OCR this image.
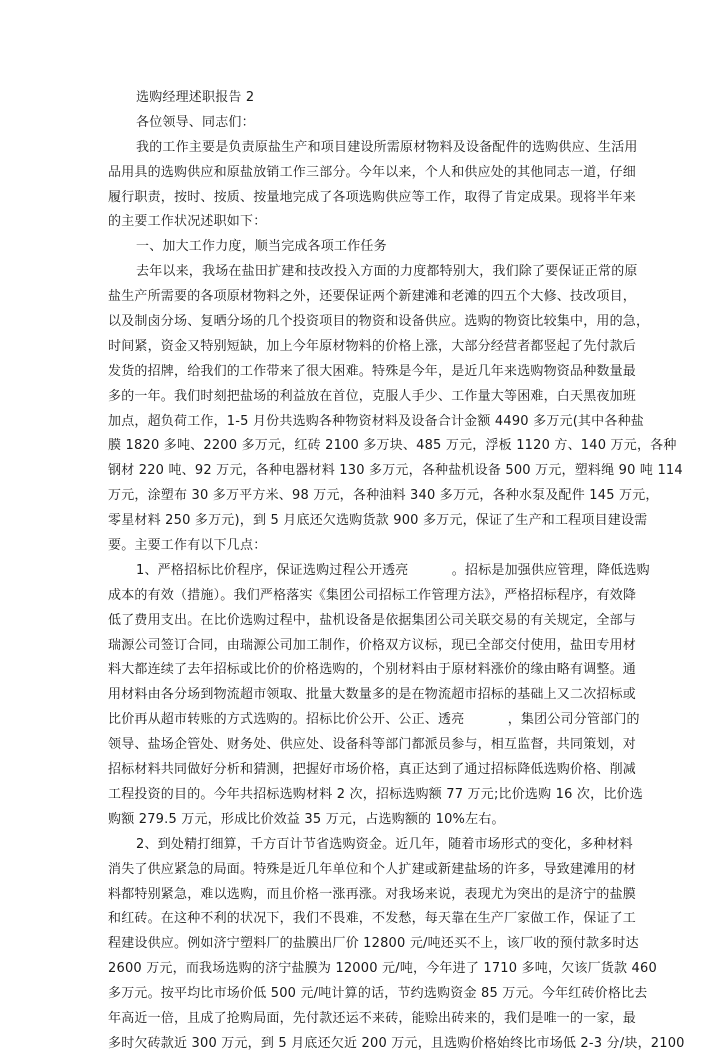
选购经理述职报告 2
各位领导、同志们：
我的工作主要是负责原盐生产和项目建设所需原材物料及设备配件的选购供应、生活用
品用具的选购供应和原盐放销工作三部分。今年以来，个人和供应处的其他同志一道，仔细
履行职责，按时、按质、按量地完成了各项选购供应等工作，取得了肯定成果。现将半年来
的主要工作状况述职如下：
一、加大工作力度，顺当完成各项工作任务
去年以来，我场在盐田扩建和技改投入方面的力度都特别大，我们除了要保证正常的原
盐生产所需要的各项原材物料之外，还要保证两个新建滩和老滩的四五个大修、技改项目，
以及制卤分场、复晒分场的几个投资项目的物资和设备供应。选购的物资比较集中，用的急，
时间紧，资金又特别短缺，加上今年原材物料的价格上涨，大部分经营者都竖起了先付款后
发货的招牌，给我们的工作带来了很大困难。特殊是今年，是近几年来选购物资品种数量最
多的一年。我们时刻把盐场的利益放在首位，克服人手少、工作量大等困难，白天黑夜加班
加点，超负荷工作，1-5 月份共选购各种物资材料及设备合计金额 4490 多万元(其中各种盐
膜 1820 多吨、2200 多万元，红砖 2100 多万块、485 万元，浮板 1120 方、140 万元，各种
钢材 220 吨、92 万元，各种电器材料 130 多万元，各种盐机设备 500 万元，塑料绳 90 吨 114
万元，涂塑布 30 多万平方米、98 万元，各种油料 340 多万元，各种水泵及配件 145 万元，
零星材料 250 多万元)，到 5 月底还欠选购货款 900 多万元，保证了生产和工程项目建设需
要。主要工作有以下几点：
1、严格招标比价程序，保证选购过程公开透亮          。招标是加强供应管理，降低选购
成本的有效（措施）。我们严格落实《集团公司招标工作管理方法》，严格招标程序，有效降
低了费用支出。在比价选购过程中，盐机设备是依据集团公司关联交易的有关规定，全部与
瑞源公司签订合同，由瑞源公司加工制作，价格双方议标，现已全部交付使用，盐田专用材
料大都连续了去年招标或比价的价格选购的，个别材料由于原材料涨价的缘由略有调整。通
用材料由各分场到物流超市领取、批量大数量多的是在物流超市招标的基础上又二次招标或
比价再从超市转账的方式选购的。招标比价公开、公正、透亮          ，集团公司分管部门的
领导、盐场企管处、财务处、供应处、设备科等部门都派员参与，相互监督，共同策划，对
招标材料共同做好分析和猜测，把握好市场价格，真正达到了通过招标降低选购价格、削减
工程投资的目的。今年共招标选购材料 2 次，招标选购额 77 万元;比价选购 16 次，比价选
购额 279.5 万元，形成比价效益 35 万元，占选购额的 10%左右。
2、到处精打细算，千方百计节省选购资金。近几年，随着市场形式的变化，多种材料
消失了供应紧急的局面。特殊是近几年单位和个人扩建或新建盐场的许多，导致建滩用的材
料都特别紧急，难以选购，而且价格一涨再涨。对我场来说，表现尤为突出的是济宁的盐膜
和红砖。在这种不利的状况下，我们不畏难，不发愁，每天靠在生产厂家做工作，保证了工
程建设供应。例如济宁塑料厂的盐膜出厂价 12800 元/吨还买不上，该厂收的预付款多时达
2600 万元，而我场选购的济宁盐膜为 12000 元/吨，今年进了 1710 多吨，欠该厂货款 460
多万元。按平均比市场价低 500 元/吨计算的话，节约选购资金 85 万元。今年红砖价格比去
年高近一倍，且成了抢购局面，先付款还运不来砖，能赊出砖来的，我们是唯一的一家，最
多时欠砖款近 300 万元，到 5 月底还欠近 200 万元，且选购价格始终比市场低 2-3 分/块，2100
